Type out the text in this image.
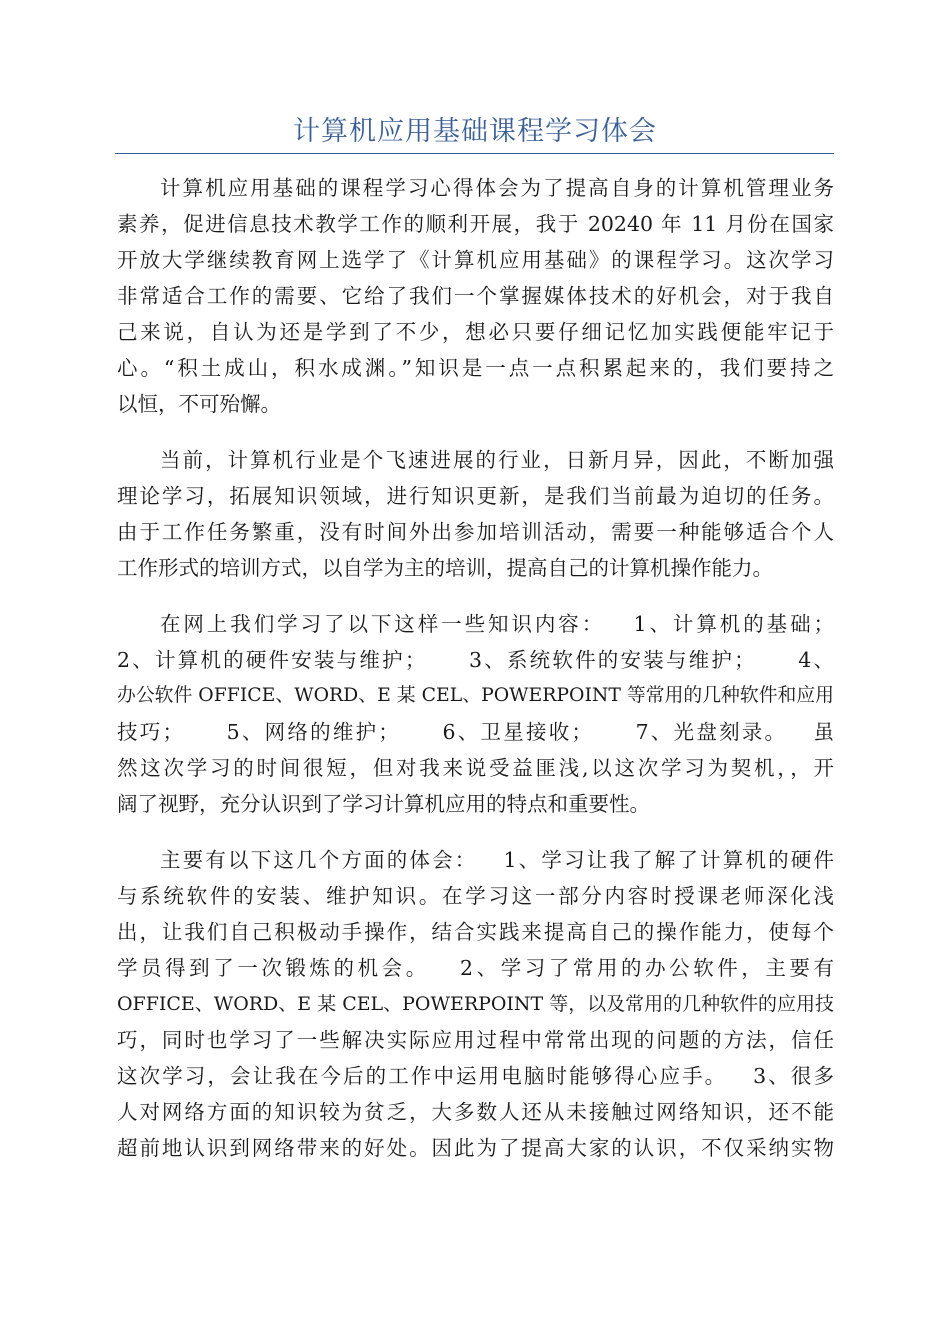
计算机应用基础课程学习体会
计算机应用基础的课程学习心得体会为了提高自身的计算机管理业务
素养，促进信息技术教学工作的顺利开展，我于 20240 年 11 月份在国家
开放大学继续教育网上选学了《计算机应用基础》的课程学习。这次学习
非常适合工作的需要、它给了我们一个掌握媒体技术的好机会，对于我自
己来说，自认为还是学到了不少，想必只要仔细记忆加实践便能牢记于
心。“积土成山，积水成渊。”知识是一点一点积累起来的，我们要持之
以恒，不可殆懈。
当前，计算机行业是个飞速进展的行业，日新月异，因此，不断加强
理论学习，拓展知识领域，进行知识更新，是我们当前最为迫切的任务。
由于工作任务繁重，没有时间外出参加培训活动，需要一种能够适合个人
工作形式的培训方式，以自学为主的培训，提高自己的计算机操作能力。
在网上我们学习了以下这样一些知识内容：   1、计算机的基础；
2、计算机的硬件安装与维护；     3、系统软件的安装与维护；     4、
办公软件 OFFICE、WORD、E 某 CEL、POWERPOINT 等常用的几种软件和应用
技巧；     5、网络的维护；     6、卫星接收；     7、光盘刻录。   虽
然这次学习的时间很短，但对我来说受益匪浅,以这次学习为契机，，开
阔了视野，充分认识到了学习计算机应用的特点和重要性。
主要有以下这几个方面的体会：   1、学习让我了解了计算机的硬件
与系统软件的安装、维护知识。在学习这一部分内容时授课老师深化浅
出，让我们自己积极动手操作，结合实践来提高自己的操作能力，使每个
学员得到了一次锻炼的机会。   2、学习了常用的办公软件，主要有
OFFICE、WORD、E 某 CEL、POWERPOINT 等，以及常用的几种软件的应用技
巧，同时也学习了一些解决实际应用过程中常常出现的问题的方法，信任
这次学习，会让我在今后的工作中运用电脑时能够得心应手。   3、很多
人对网络方面的知识较为贫乏，大多数人还从未接触过网络知识，还不能
超前地认识到网络带来的好处。因此为了提高大家的认识，不仅采纳实物
